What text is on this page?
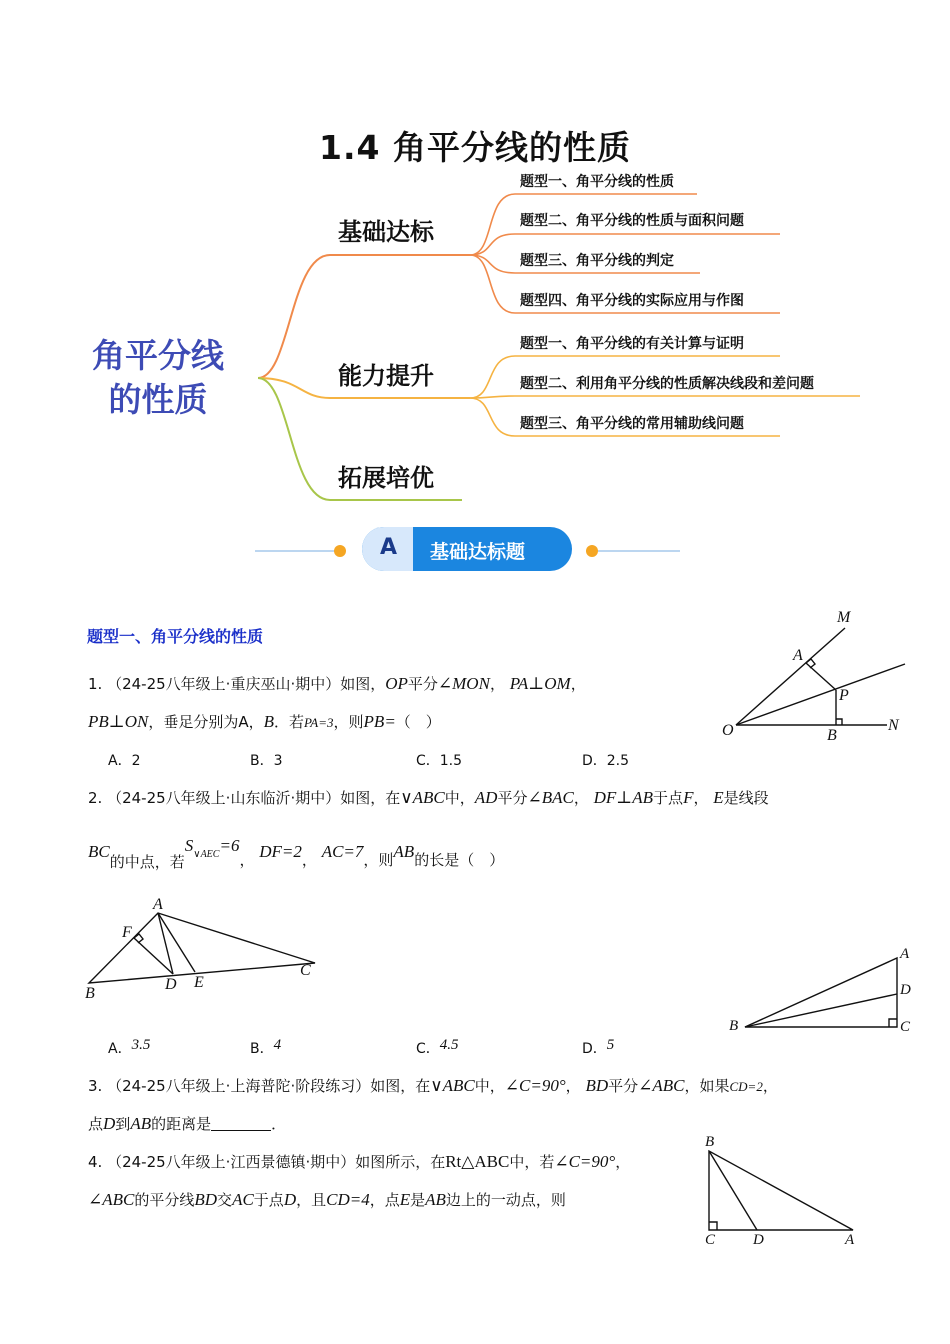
1.4 角平分线的性质
角平分线
的性质
基础达标
能力提升
拓展培优
题型一、角平分线的性质
题型二、角平分线的性质与面积问题
题型三、角平分线的判定
题型四、角平分线的实际应用与作图
题型一、角平分线的有关计算与证明
题型二、利用角平分线的性质解决线段和差问题
题型三、角平分线的常用辅助线问题
A 基础达标题
题型一、角平分线的性质
1. （24-25八年级上·重庆巫山·期中）如图，OP平分∠MON， PA⊥OM，
PB⊥ON，垂足分别为A，B．若PA=3，则PB=（　）
A．2	B．3	C．1.5	D．2.5
M
A
P
O	B
N
2. （24-25八年级上·山东临沂·期中）如图，在∨ABC中，AD平分∠BAC， DF⊥AB于点F， E是线段
BC的中点，若S∨AEC=6， DF=2， AC=7，则AB的长是（　）
A
F
B
D E
C
A
D
B	C
A．3.5	B．4	C．4.5	D．5
3. （24-25八年级上·上海普陀·阶段练习）如图，在∨ABC中，∠C=90°， BD平分∠ABC，如果CD=2，
点D到AB的距离是	．
4. （24-25八年级上·江西景德镇·期中）如图所示，在Rt△ABC中，若∠C=90°，
∠ABC的平分线BD交AC于点D，且CD=4，点E是AB边上的一动点，则
B
C	D	A
